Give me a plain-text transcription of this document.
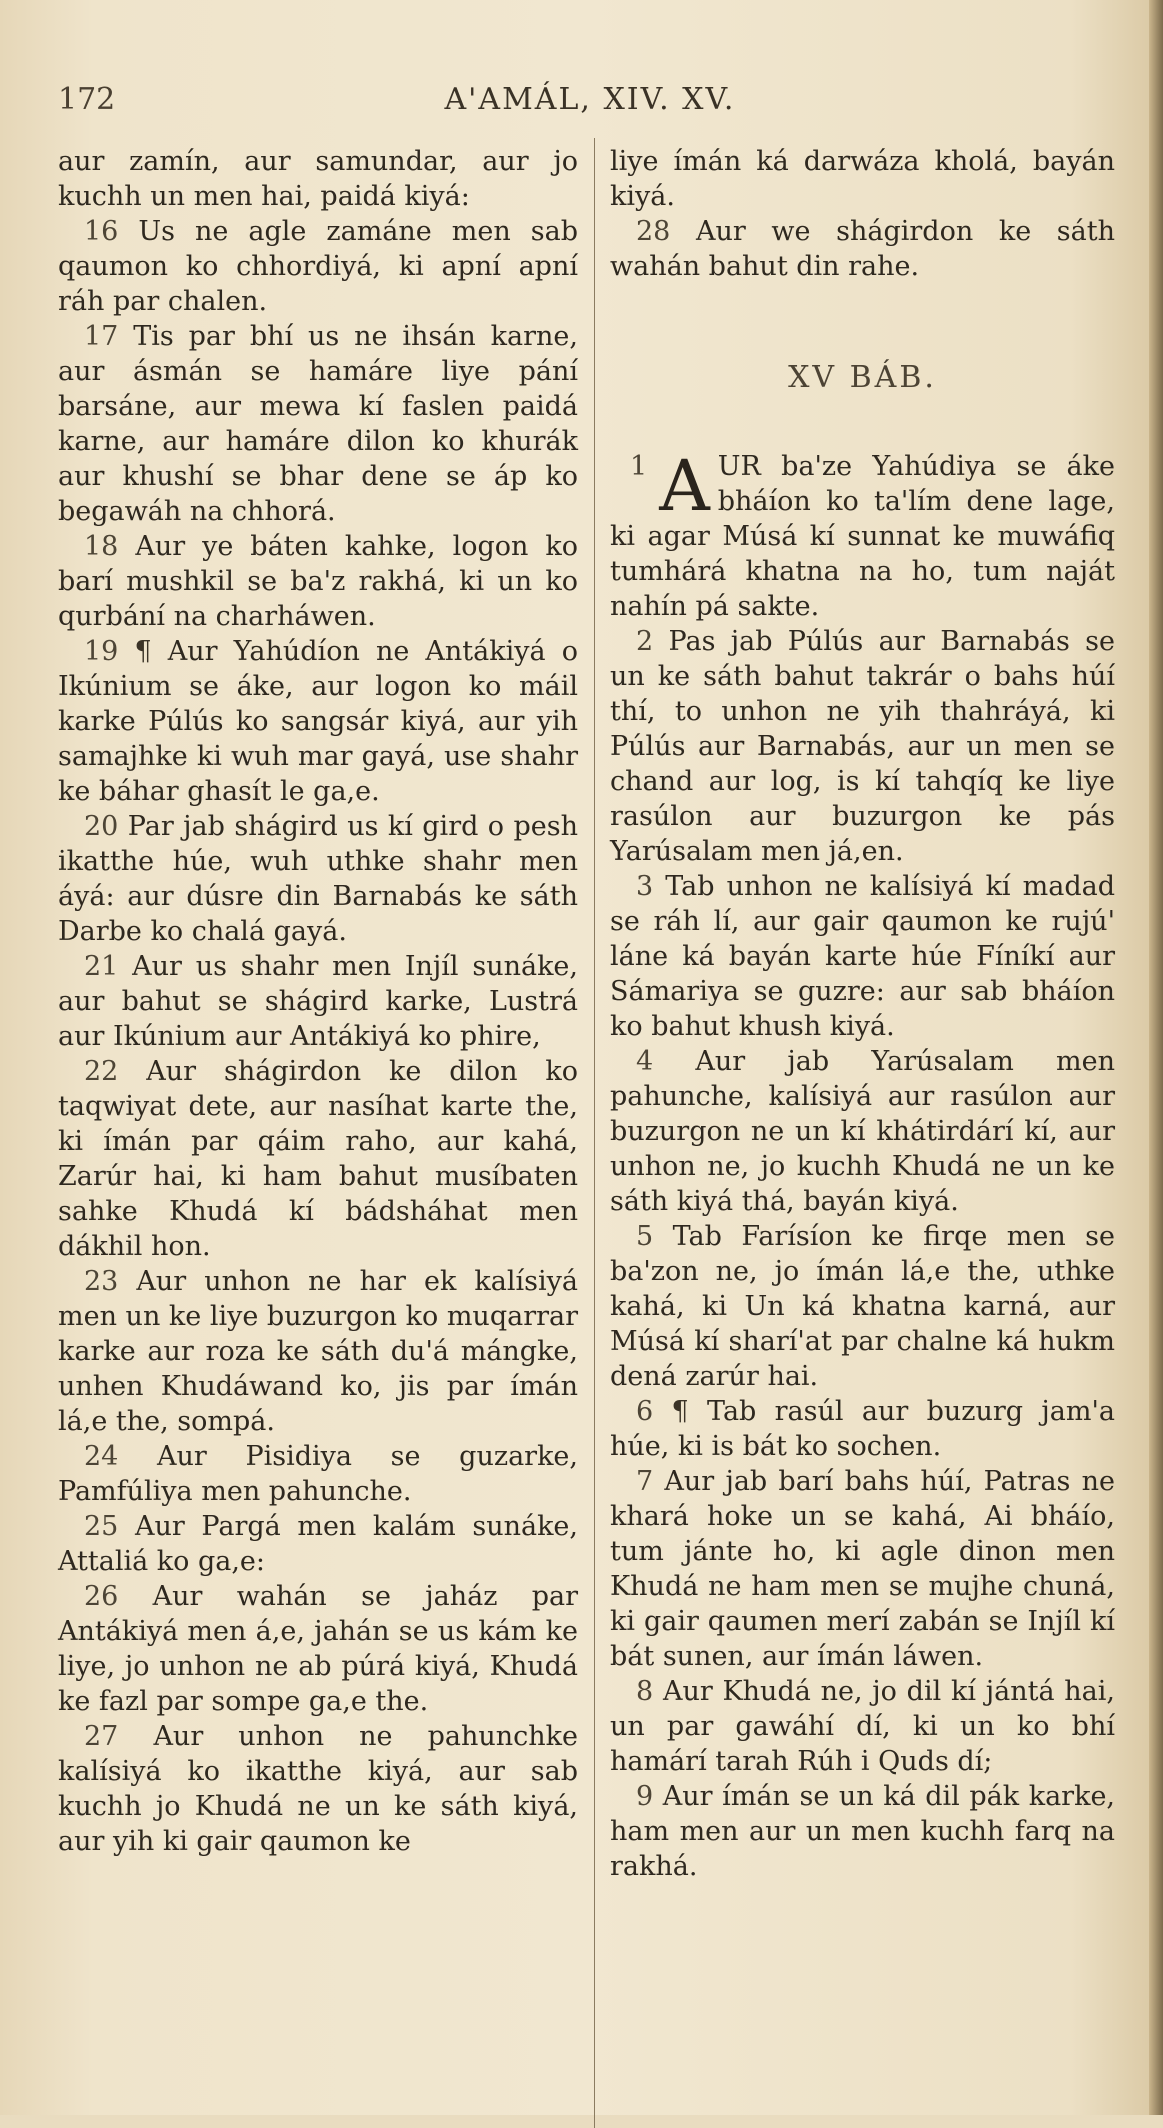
172	A'AMÁL, XIV. XV.

aur zamín, aur samundar, aur jo kuchh un men hai, paidá kiyá:

16 Us ne agle zamáne men sab qaumon ko chhordiyá, ki apní apní ráh par chalen.

17 Tis par bhí us ne ihsán karne, aur ásmán se hamáre liye pání barsáne, aur mewa kí faslen paidá karne, aur hamáre dilon ko khurák aur khushí se bhar dene se áp ko begawáh na chhorá.

18 Aur ye báten kahke, logon ko barí mushkil se ba'z rakhá, ki un ko qurbání na charháwen.

19 ¶ Aur Yahúdíon ne Antákiyá o Ikúnium se áke, aur logon ko máil karke Púlús ko sangsár kiyá, aur yih samajhke ki wuh mar gayá, use shahr ke báhar ghasít le ga,e.

20 Par jab shágird us kí gird o pesh ikatthe húe, wuh uthke shahr men áyá: aur dúsre din Barnabás ke sáth Darbe ko chalá gayá.

21 Aur us shahr men Injíl sunáke, aur bahut se shágird karke, Lustrá aur Ikúnium aur Antákiyá ko phire,

22 Aur shágirdon ke dilon ko taqwiyat dete, aur nasíhat karte the, ki ímán par qáim raho, aur kahá, Zarúr hai, ki ham bahut musíbaten sahke Khudá kí bádsháhat men dákhil hon.

23 Aur unhon ne har ek kalísiyá men un ke liye buzurgon ko muqarrar karke aur roza ke sáth du'á mángke, unhen Khudáwand ko, jis par ímán lá,e the, sompá.

24 Aur Pisidiya se guzarke, Pamfúliya men pahunche.

25 Aur Pargá men kalám sunáke, Attaliá ko ga,e:

26 Aur wahán se jaház par Antákiyá men á,e, jahán se us kám ke liye, jo unhon ne ab púrá kiyá, Khudá ke fazl par sompe ga,e the.

27 Aur unhon ne pahunchke kalísiyá ko ikatthe kiyá, aur sab kuchh jo Khudá ne un ke sáth kiyá, aur yih ki gair qaumon ke

liye ímán ká darwáza kholá, bayán kiyá.

28 Aur we shágirdon ke sáth wahán bahut din rahe.

XV BÁB.

1 A UR ba'ze Yahúdiya se áke bháíon ko ta'lím dene lage, ki agar Músá kí sunnat ke muwáfiq tumhárá khatna na ho, tum naját nahín pá sakte.

2 Pas jab Púlús aur Barnabás se un ke sáth bahut takrár o bahs húí thí, to unhon ne yih thahráyá, ki Púlús aur Barnabás, aur un men se chand aur log, is kí tahqíq ke liye rasúlon aur buzurgon ke pás Yarúsalam men já,en.

3 Tab unhon ne kalísiyá kí madad se ráh lí, aur gair qaumon ke rujú' láne ká bayán karte húe Fíníkí aur Sámariya se guzre: aur sab bháíon ko bahut khush kiyá.

4 Aur jab Yarúsalam men pahunche, kalísiyá aur rasúlon aur buzurgon ne un kí khátirdárí kí, aur unhon ne, jo kuchh Khudá ne un ke sáth kiyá thá, bayán kiyá.

5 Tab Farísíon ke firqe men se ba'zon ne, jo ímán lá,e the, uthke kahá, ki Un ká khatna karná, aur Músá kí sharí'at par chalne ká hukm dená zarúr hai.

6 ¶ Tab rasúl aur buzurg jam'a húe, ki is bát ko sochen.

7 Aur jab barí bahs húí, Patras ne khará hoke un se kahá, Ai bháío, tum jánte ho, ki agle dinon men Khudá ne ham men se mujhe chuná, ki gair qaumen merí zabán se Injíl kí bát sunen, aur ímán láwen.

8 Aur Khudá ne, jo dil kí jántá hai, un par gawáhí dí, ki un ko bhí hamárí tarah Rúh i Quds dí;

9 Aur ímán se un ká dil pák karke, ham men aur un men kuchh farq na rakhá.
